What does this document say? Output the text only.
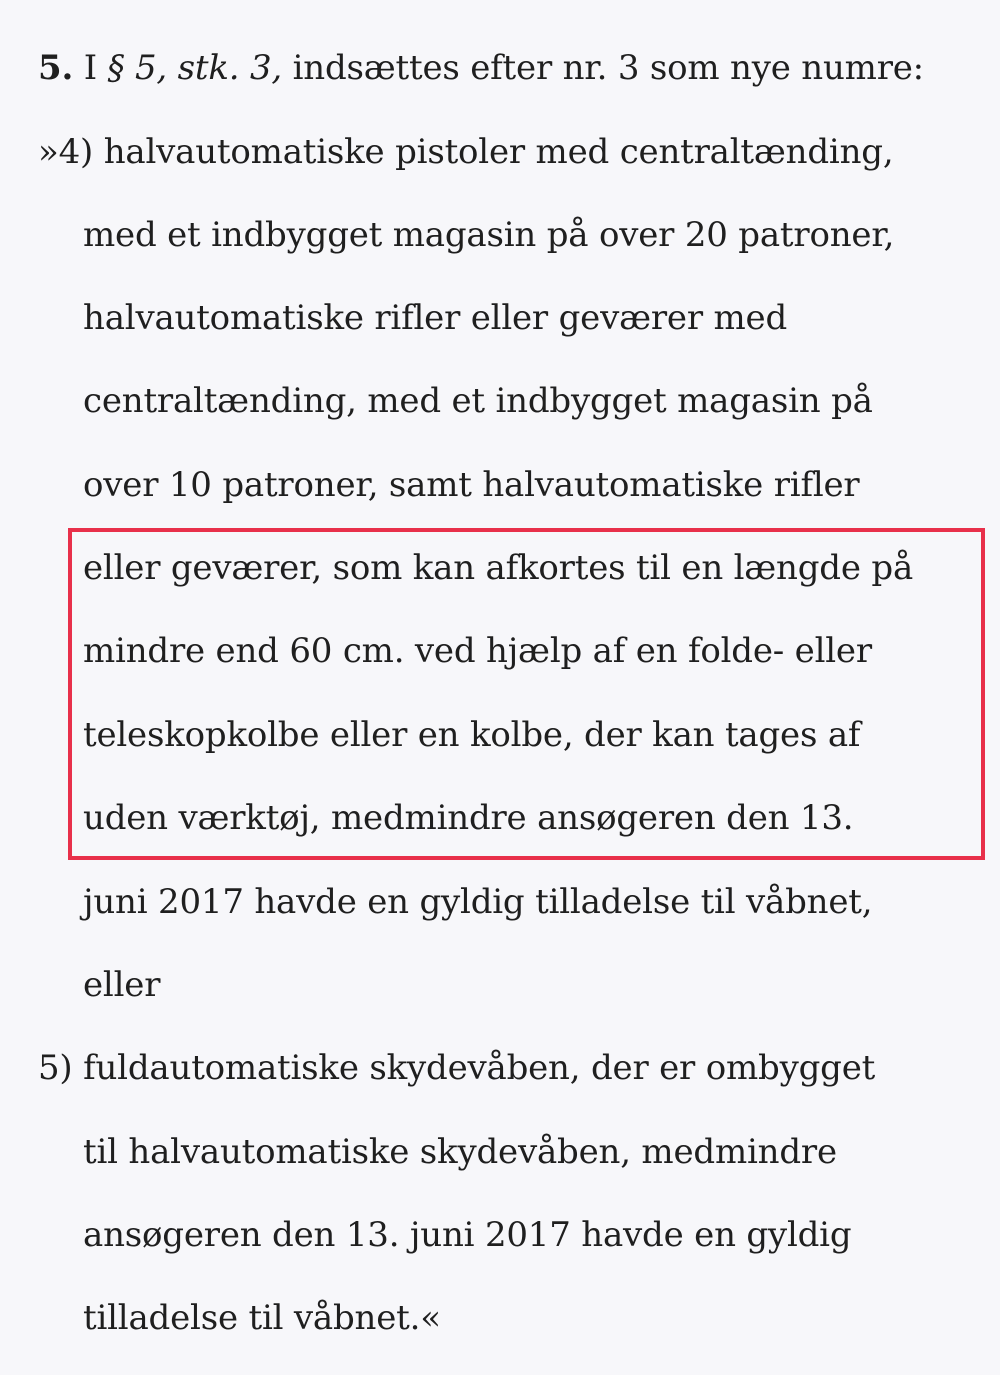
5. I § 5, stk. 3, indsættes efter nr. 3 som nye numre:
»4) halvautomatiske pistoler med centraltænding,
med et indbygget magasin på over 20 patroner,
halvautomatiske rifler eller geværer med
centraltænding, med et indbygget magasin på
over 10 patroner, samt halvautomatiske rifler
eller geværer, som kan afkortes til en længde på
mindre end 60 cm. ved hjælp af en folde- eller
teleskopkolbe eller en kolbe, der kan tages af
uden værktøj, medmindre ansøgeren den 13.
juni 2017 havde en gyldig tilladelse til våbnet,
eller
5) fuldautomatiske skydevåben, der er ombygget
til halvautomatiske skydevåben, medmindre
ansøgeren den 13. juni 2017 havde en gyldig
tilladelse til våbnet.«
